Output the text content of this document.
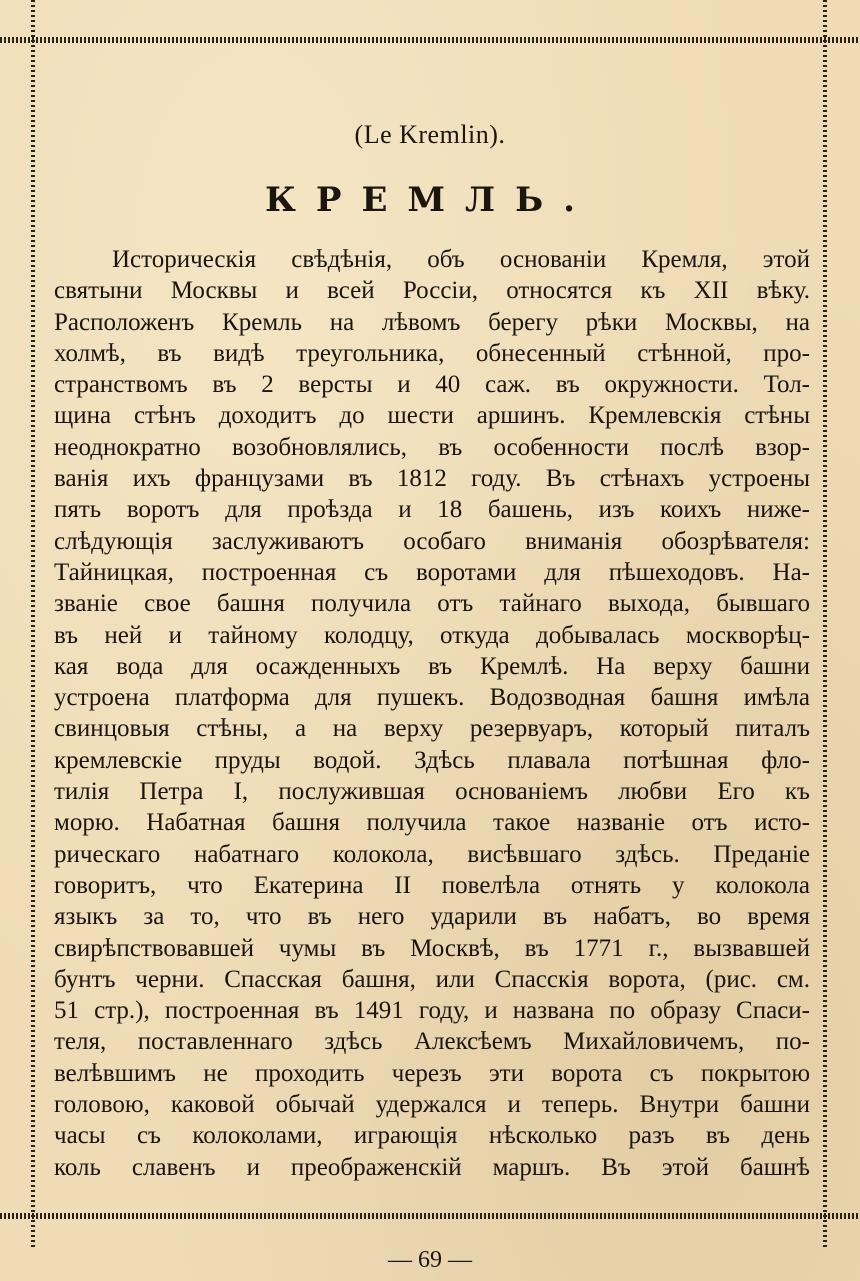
(Le Kremlin).
КРЕМЛЬ.
Историческія свѣдѣнія, объ основаніи Кремля, этой
святыни Москвы и всей Россіи, относятся къ XII вѣку.
Расположенъ Кремль на лѣвомъ берегу рѣки Москвы, на
холмѣ, въ видѣ треугольника, обнесенный стѣнной, про-
странствомъ въ 2 версты и 40 саж. въ окружности. Тол-
щина стѣнъ доходитъ до шести аршинъ. Кремлевскія стѣны
неоднократно возобновлялись, въ особенности послѣ взор-
ванія ихъ французами въ 1812 году. Въ стѣнахъ устроены
пять воротъ для проѣзда и 18 башень, изъ коихъ ниже-
слѣдующія заслуживаютъ особаго вниманія обозрѣвателя:
Тайницкая, построенная съ воротами для пѣшеходовъ. На-
званіе свое башня получила отъ тайнаго выхода, бывшаго
въ ней и тайному колодцу, откуда добывалась москворѣц-
кая вода для осажденныхъ въ Кремлѣ. На верху башни
устроена платформа для пушекъ. Водозводная башня имѣла
свинцовыя стѣны, а на верху резервуаръ, который питалъ
кремлевскіе пруды водой. Здѣсь плавала потѣшная фло-
тилія Петра I, послужившая основаніемъ любви Его къ
морю. Набатная башня получила такое названіе отъ исто-
рическаго набатнаго колокола, висѣвшаго здѣсь. Преданіе
говоритъ, что Екатерина II повелѣла отнять у колокола
языкъ за то, что въ него ударили въ набатъ, во время
свирѣпствовавшей чумы въ Москвѣ, въ 1771 г., вызвавшей
бунтъ черни. Спасская башня, или Спасскія ворота, (рис. см.
51 стр.), построенная въ 1491 году, и названа по образу Спаси-
теля, поставленнаго здѣсь Алексѣемъ Михайловичемъ, по-
велѣвшимъ не проходить черезъ эти ворота съ покрытою
головою, каковой обычай удержался и теперь. Внутри башни
часы съ колоколами, играющія нѣсколько разъ въ день
коль славенъ и преображенскій маршъ. Въ этой башнѣ
— 69 —
